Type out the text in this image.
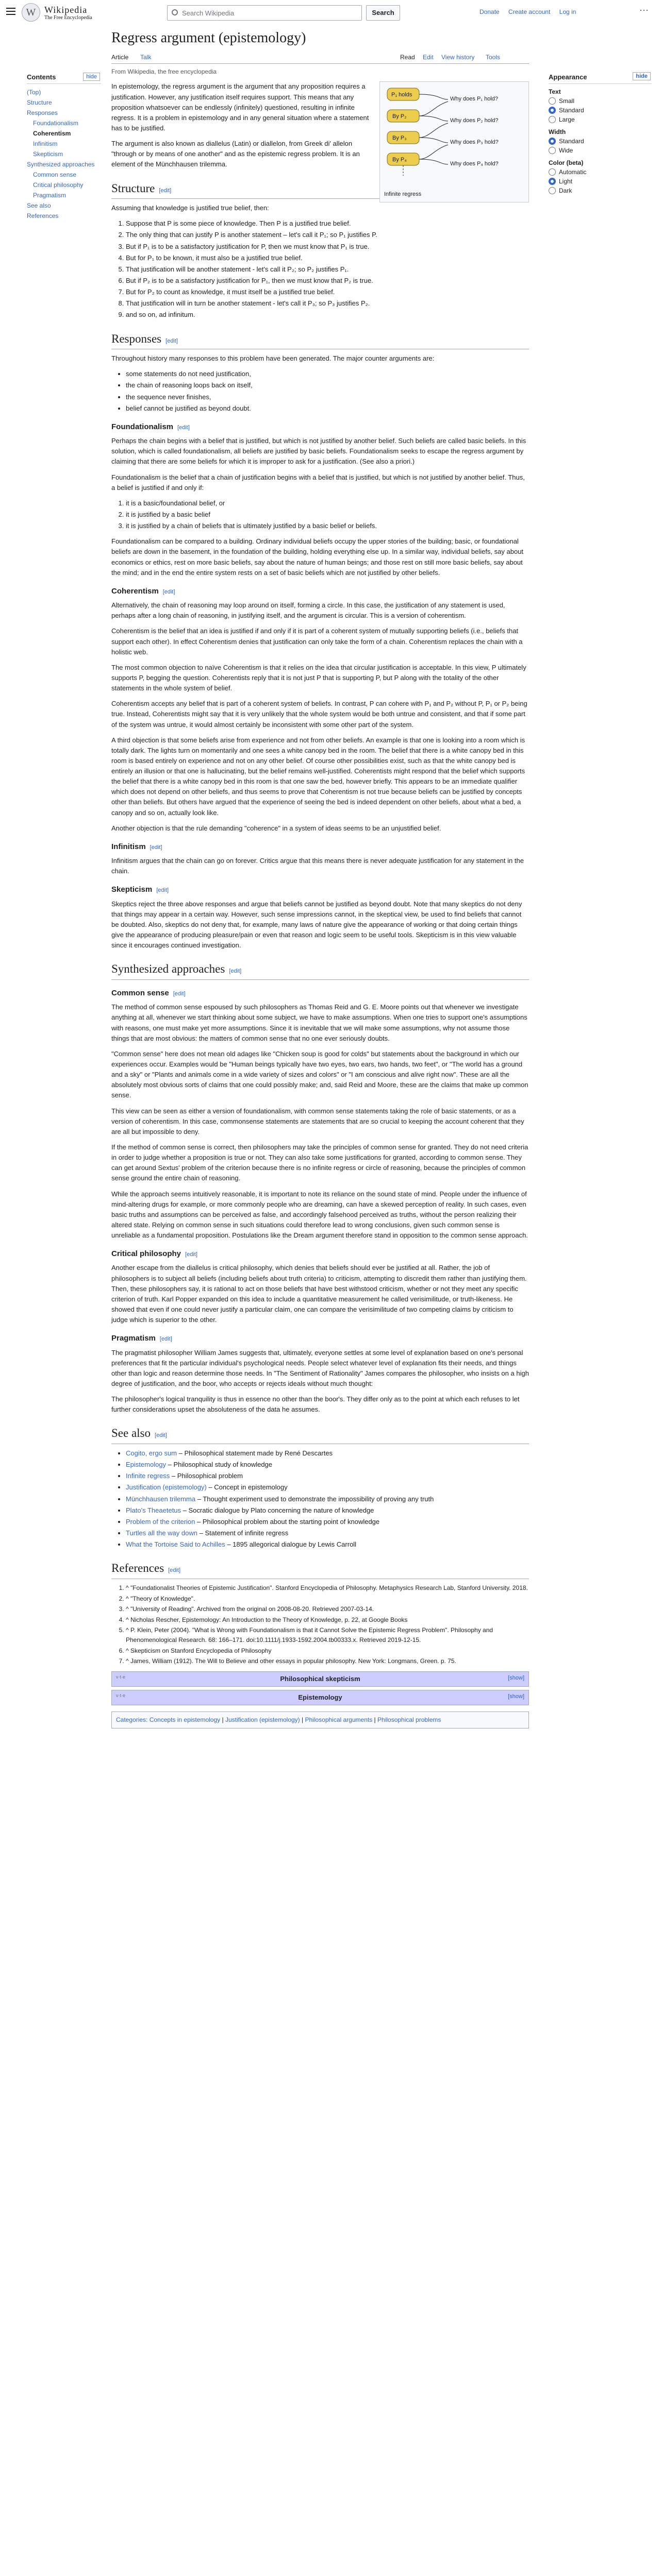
W Wikipedia
The Free Encyclopedia
Search Wikipedia	Search	Donate Create account Log in	⋯
Contents	hide
(Top)
Structure
Responses
Foundationalism
Coherentism
Infinitism
Skepticism
Synthesized approaches
Common sense
Critical philosophy
Pragmatism
See also
References
Regress argument (epistemology)
Article Talk	Read Edit View history Tools
From Wikipedia, the free encyclopedia
P₁ holds
By P₂
By P₃
By P₄
Why does P₁ hold?
Why does P₂ hold?
Why does P₃ hold?
Why does P₄ hold?
Infinite regress

In epistemology, the regress argument is the argument that any proposition requires a justification. However, any justification itself requires support. This means that any proposition whatsoever can be endlessly (infinitely) questioned, resulting in infinite regress. It is a problem in epistemology and in any general situation where a statement has to be justified.

The argument is also known as diallelus (Latin) or diallelon, from Greek di' allelon "through or by means of one another" and as the epistemic regress problem. It is an element of the Münchhausen trilemma.

Structure [edit]

Assuming that knowledge is justified true belief, then:

1. Suppose that P is some piece of knowledge. Then P is a justified true belief.
2. The only thing that can justify P is another statement – let's call it P₁; so P₁ justifies P.
3. But if P₁ is to be a satisfactory justification for P, then we must know that P₁ is true.
4. But for P₁ to be known, it must also be a justified true belief.
5. That justification will be another statement - let's call it P₂; so P₂ justifies P₁.
6. But if P₂ is to be a satisfactory justification for P₁, then we must know that P₂ is true.
7. But for P₂ to count as knowledge, it must itself be a justified true belief.
8. That justification will in turn be another statement - let's call it P₃; so P₃ justifies P₂.
9. and so on, ad infinitum.
Responses [edit]

Throughout history many responses to this problem have been generated. The major counter arguments are:

• some statements do not need justification,
• the chain of reasoning loops back on itself,
• the sequence never finishes,
• belief cannot be justified as beyond doubt.
Foundationalism [edit]

Perhaps the chain begins with a belief that is justified, but which is not justified by another belief. Such beliefs are called basic beliefs. In this solution, which is called foundationalism, all beliefs are justified by basic beliefs. Foundationalism seeks to escape the regress argument by claiming that there are some beliefs for which it is improper to ask for a justification. (See also a priori.)

Foundationalism is the belief that a chain of justification begins with a belief that is justified, but which is not justified by another belief. Thus, a belief is justified if and only if:

1. it is a basic/foundational belief, or
2. it is justified by a basic belief
3. it is justified by a chain of beliefs that is ultimately justified by a basic belief or beliefs.

Foundationalism can be compared to a building. Ordinary individual beliefs occupy the upper stories of the building; basic, or foundational beliefs are down in the basement, in the foundation of the building, holding everything else up. In a similar way, individual beliefs, say about economics or ethics, rest on more basic beliefs, say about the nature of human beings; and those rest on still more basic beliefs, say about the mind; and in the end the entire system rests on a set of basic beliefs which are not justified by other beliefs.

Coherentism [edit]

Alternatively, the chain of reasoning may loop around on itself, forming a circle. In this case, the justification of any statement is used, perhaps after a long chain of reasoning, in justifying itself, and the argument is circular. This is a version of coherentism.

Coherentism is the belief that an idea is justified if and only if it is part of a coherent system of mutually supporting beliefs (i.e., beliefs that support each other). In effect Coherentism denies that justification can only take the form of a chain. Coherentism replaces the chain with a holistic web.

The most common objection to naïve Coherentism is that it relies on the idea that circular justification is acceptable. In this view, P ultimately supports P, begging the question. Coherentists reply that it is not just P that is supporting P, but P along with the totality of the other statements in the whole system of belief.

Coherentism accepts any belief that is part of a coherent system of beliefs. In contrast, P can cohere with P₁ and P₂ without P, P₁ or P₂ being true. Instead, Coherentists might say that it is very unlikely that the whole system would be both untrue and consistent, and that if some part of the system was untrue, it would almost certainly be inconsistent with some other part of the system.

A third objection is that some beliefs arise from experience and not from other beliefs. An example is that one is looking into a room which is totally dark. The lights turn on momentarily and one sees a white canopy bed in the room. The belief that there is a white canopy bed in this room is based entirely on experience and not on any other belief. Of course other possibilities exist, such as that the white canopy bed is entirely an illusion or that one is hallucinating, but the belief remains well-justified. Coherentists might respond that the belief which supports the belief that there is a white canopy bed in this room is that one saw the bed, however briefly. This appears to be an immediate qualifier which does not depend on other beliefs, and thus seems to prove that Coherentism is not true because beliefs can be justified by concepts other than beliefs. But others have argued that the experience of seeing the bed is indeed dependent on other beliefs, about what a bed, a canopy and so on, actually look like.

Another objection is that the rule demanding "coherence" in a system of ideas seems to be an unjustified belief.

Infinitism [edit]

Infinitism argues that the chain can go on forever. Critics argue that this means there is never adequate justification for any statement in the chain.

Skepticism [edit]

Skeptics reject the three above responses and argue that beliefs cannot be justified as beyond doubt. Note that many skeptics do not deny that things may appear in a certain way. However, such sense impressions cannot, in the skeptical view, be used to find beliefs that cannot be doubted. Also, skeptics do not deny that, for example, many laws of nature give the appearance of working or that doing certain things give the appearance of producing pleasure/pain or even that reason and logic seem to be useful tools. Skepticism is in this view valuable since it encourages continued investigation.

Synthesized approaches [edit]
Common sense [edit]

The method of common sense espoused by such philosophers as Thomas Reid and G. E. Moore points out that whenever we investigate anything at all, whenever we start thinking about some subject, we have to make assumptions. When one tries to support one's assumptions with reasons, one must make yet more assumptions. Since it is inevitable that we will make some assumptions, why not assume those things that are most obvious: the matters of common sense that no one ever seriously doubts.

"Common sense" here does not mean old adages like "Chicken soup is good for colds" but statements about the background in which our experiences occur. Examples would be "Human beings typically have two eyes, two ears, two hands, two feet", or "The world has a ground and a sky" or "Plants and animals come in a wide variety of sizes and colors" or "I am conscious and alive right now". These are all the absolutely most obvious sorts of claims that one could possibly make; and, said Reid and Moore, these are the claims that make up common sense.

This view can be seen as either a version of foundationalism, with common sense statements taking the role of basic statements, or as a version of coherentism. In this case, commonsense statements are statements that are so crucial to keeping the account coherent that they are all but impossible to deny.

If the method of common sense is correct, then philosophers may take the principles of common sense for granted. They do not need criteria in order to judge whether a proposition is true or not. They can also take some justifications for granted, according to common sense. They can get around Sextus' problem of the criterion because there is no infinite regress or circle of reasoning, because the principles of common sense ground the entire chain of reasoning.

While the approach seems intuitively reasonable, it is important to note its reliance on the sound state of mind. People under the influence of mind-altering drugs for example, or more commonly people who are dreaming, can have a skewed perception of reality. In such cases, even basic truths and assumptions can be perceived as false, and accordingly falsehood perceived as truths, without the person realizing their altered state. Relying on common sense in such situations could therefore lead to wrong conclusions, given such common sense is unreliable as a fundamental proposition. Postulations like the Dream argument therefore stand in opposition to the common sense approach.

Critical philosophy [edit]

Another escape from the diallelus is critical philosophy, which denies that beliefs should ever be justified at all. Rather, the job of philosophers is to subject all beliefs (including beliefs about truth criteria) to criticism, attempting to discredit them rather than justifying them. Then, these philosophers say, it is rational to act on those beliefs that have best withstood criticism, whether or not they meet any specific criterion of truth. Karl Popper expanded on this idea to include a quantitative measurement he called verisimilitude, or truth-likeness. He showed that even if one could never justify a particular claim, one can compare the verisimilitude of two competing claims by criticism to judge which is superior to the other.

Pragmatism [edit]

The pragmatist philosopher William James suggests that, ultimately, everyone settles at some level of explanation based on one's personal preferences that fit the particular individual's psychological needs. People select whatever level of explanation fits their needs, and things other than logic and reason determine those needs. In "The Sentiment of Rationality" James compares the philosopher, who insists on a high degree of justification, and the boor, who accepts or rejects ideals without much thought:

The philosopher's logical tranquility is thus in essence no other than the boor's. They differ only as to the point at which each refuses to let further considerations upset the absoluteness of the data he assumes.

See also [edit]
• Cogito, ergo sum – Philosophical statement made by René Descartes
• Epistemology – Philosophical study of knowledge
• Infinite regress – Philosophical problem
• Justification (epistemology) – Concept in epistemology
• Münchhausen trilemma – Thought experiment used to demonstrate the impossibility of proving any truth
• Plato's Theaetetus – Socratic dialogue by Plato concerning the nature of knowledge
• Problem of the criterion – Philosophical problem about the starting point of knowledge
• Turtles all the way down – Statement of infinite regress
• What the Tortoise Said to Achilles – 1895 allegorical dialogue by Lewis Carroll
References [edit]
1. ^ "Foundationalist Theories of Epistemic Justification". Stanford Encyclopedia of Philosophy. Metaphysics Research Lab, Stanford University. 2018.
2. ^ "Theory of Knowledge".
3. ^ "University of Reading". Archived from the original on 2008-08-20. Retrieved 2007-03-14.
4. ^ Nicholas Rescher, Epistemology: An Introduction to the Theory of Knowledge, p. 22, at Google Books
5. ^ P. Klein, Peter (2004). "What is Wrong with Foundationalism is that it Cannot Solve the Epistemic Regress Problem". Philosophy and Phenomenological Research. 68: 166–171. doi:10.1111/j.1933-1592.2004.tb00333.x. Retrieved 2019-12-15.
6. ^ Skepticism on Stanford Encyclopedia of Philosophy
7. ^ James, William (1912). The Will to Believe and other essays in popular philosophy. New York: Longmans, Green. p. 75.
v·t·e	Philosophical skepticism	[show]
v·t·e	Epistemology	[show]
Categories: Concepts in epistemology | Justification (epistemology) | Philosophical arguments | Philosophical problems
Appearance	hide
Text
Small
Standard
Large
Width
Standard
Wide
Color (beta)
Automatic
Light
Dark
